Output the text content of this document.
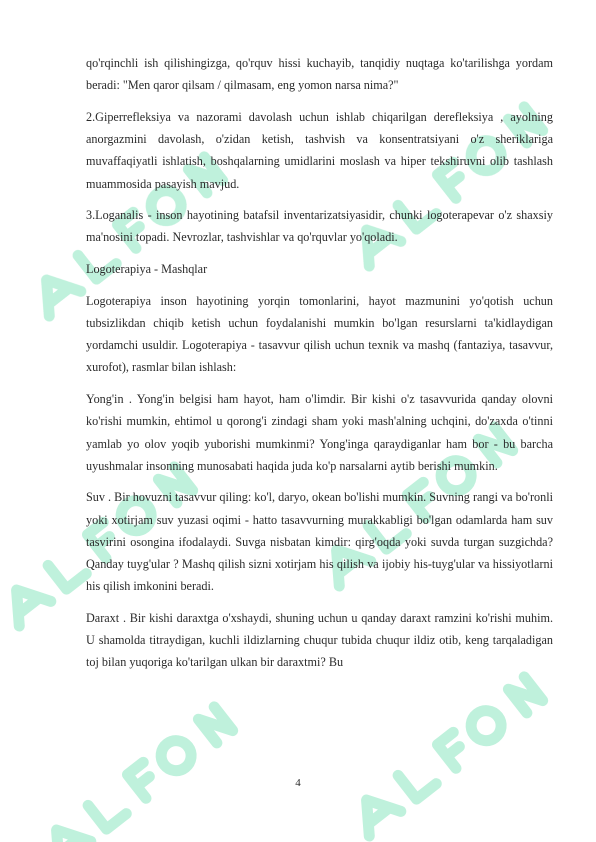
qo'rqinchli ish qilishingizga, qo'rquv hissi kuchayib, tanqidiy nuqtaga ko'tarilishga yordam beradi: "Men qaror qilsam / qilmasam, eng yomon narsa nima?"

2.Giperrefleksiya va nazorami davolash uchun ishlab chiqarilgan derefleksiya , ayolning anorgazmini davolash, o'zidan ketish, tashvish va konsentratsiyani o'z sheriklariga muvaffaqiyatli ishlatish, boshqalarning umidlarini moslash va hiper tekshiruvni olib tashlash muammosida pasayish mavjud.

3.Loganalis - inson hayotining batafsil inventarizatsiyasidir, chunki logoterapevar o'z shaxsiy ma'nosini topadi. Nevrozlar, tashvishlar va qo'rquvlar yo'qoladi.

Logoterapiya - Mashqlar

Logoterapiya inson hayotining yorqin tomonlarini, hayot mazmunini yo'qotish uchun tubsizlikdan chiqib ketish uchun foydalanishi mumkin bo'lgan resurslarni ta'kidlaydigan yordamchi usuldir. Logoterapiya - tasavvur qilish uchun texnik va mashq (fantaziya, tasavvur, xurofot), rasmlar bilan ishlash:

Yong'in . Yong'in belgisi ham hayot, ham o'limdir. Bir kishi o'z tasavvurida qanday olovni ko'rishi mumkin, ehtimol u qorong'i zindagi sham yoki mash'alning uchqini, do'zaxda o'tinni yamlab yo olov yoqib yuborishi mumkinmi? Yong'inga qaraydiganlar ham bor - bu barcha uyushmalar insonning munosabati haqida juda ko'p narsalarni aytib berishi mumkin.

Suv . Bir hovuzni tasavvur qiling: ko'l, daryo, okean bo'lishi mumkin. Suvning rangi va bo'ronli yoki xotirjam suv yuzasi oqimi - hatto tasavvurning murakkabligi bo'lgan odamlarda ham suv tasvirini osongina ifodalaydi. Suvga nisbatan kimdir: qirg'oqda yoki suvda turgan suzgichda? Qanday tuyg'ular ? Mashq qilish sizni xotirjam his qilish va ijobiy his-tuyg'ular va hissiyotlarni his qilish imkonini beradi.

Daraxt . Bir kishi daraxtga o'xshaydi, shuning uchun u qanday daraxt ramzini ko'rishi muhim. U shamolda titraydigan, kuchli ildizlarning chuqur tubida chuqur ildiz otib, keng tarqaladigan toj bilan yuqoriga ko'tarilgan ulkan bir daraxtmi? Bu

4
